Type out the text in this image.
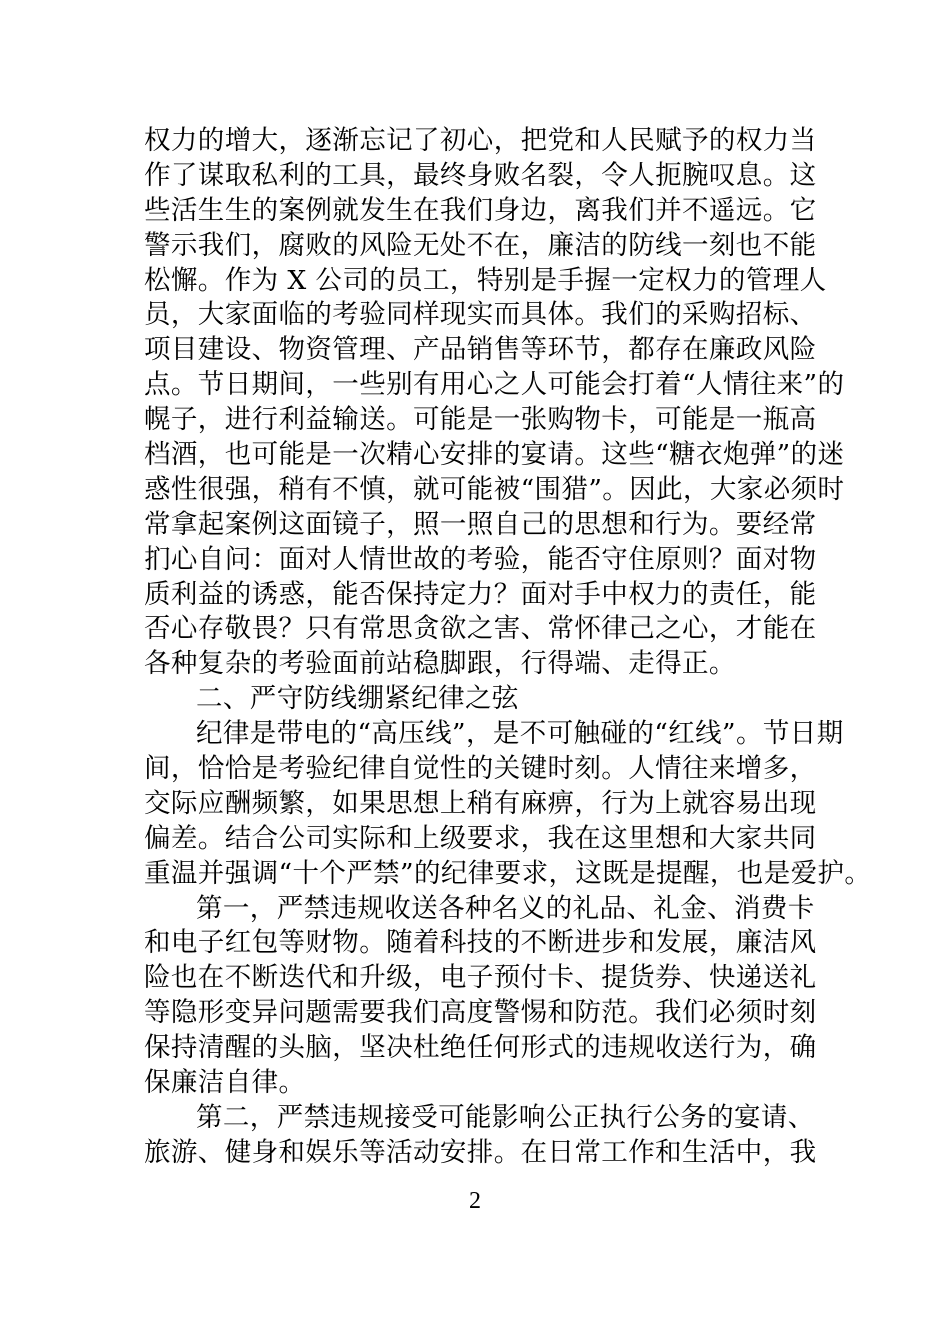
权力的增大，逐渐忘记了初心，把党和人民赋予的权力当
作了谋取私利的工具，最终身败名裂，令人扼腕叹息。这
些活生生的案例就发生在我们身边，离我们并不遥远。它
警示我们，腐败的风险无处不在，廉洁的防线一刻也不能
松懈。作为 X 公司的员工，特别是手握一定权力的管理人
员，大家面临的考验同样现实而具体。我们的采购招标、
项目建设、物资管理、产品销售等环节，都存在廉政风险
点。节日期间，一些别有用心之人可能会打着“人情往来”的
幌子，进行利益输送。可能是一张购物卡，可能是一瓶高
档酒，也可能是一次精心安排的宴请。这些“糖衣炮弹”的迷
惑性很强，稍有不慎，就可能被“围猎”。因此，大家必须时
常拿起案例这面镜子，照一照自己的思想和行为。要经常
扪心自问：面对人情世故的考验，能否守住原则？面对物
质利益的诱惑，能否保持定力？面对手中权力的责任，能
否心存敬畏？只有常思贪欲之害、常怀律己之心，才能在
各种复杂的考验面前站稳脚跟，行得端、走得正。
二、严守防线绷紧纪律之弦
纪律是带电的“高压线”，是不可触碰的“红线”。节日期
间，恰恰是考验纪律自觉性的关键时刻。人情往来增多，
交际应酬频繁，如果思想上稍有麻痹，行为上就容易出现
偏差。结合公司实际和上级要求，我在这里想和大家共同
重温并强调“十个严禁”的纪律要求，这既是提醒，也是爱护。
第一，严禁违规收送各种名义的礼品、礼金、消费卡
和电子红包等财物。随着科技的不断进步和发展，廉洁风
险也在不断迭代和升级，电子预付卡、提货券、快递送礼
等隐形变异问题需要我们高度警惕和防范。我们必须时刻
保持清醒的头脑，坚决杜绝任何形式的违规收送行为，确
保廉洁自律。
第二，严禁违规接受可能影响公正执行公务的宴请、
旅游、健身和娱乐等活动安排。在日常工作和生活中，我
2
